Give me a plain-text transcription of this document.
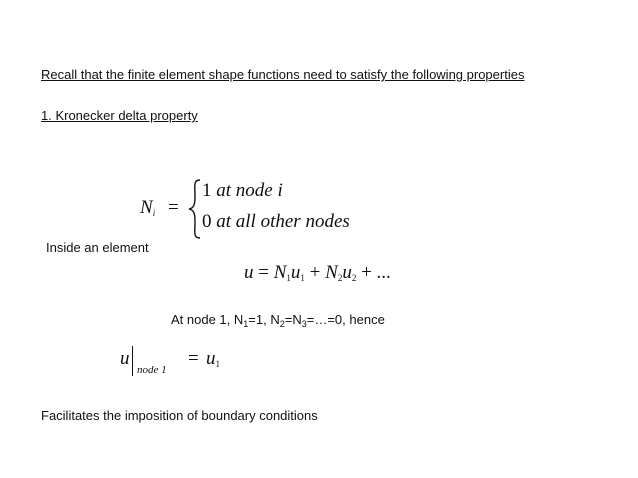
Recall that the finite element shape functions need to satisfy the following properties
1. Kronecker delta property
$N_i$ =
1 at node i
0 at all other nodes
Inside an element
$u = N_1u_1 + N_2u_2$ + ...
At node 1, $N_1=1$, $N_2=N_3=\dots=0$, hence
u
node 1
= $u_1$
Facilitates the imposition of boundary conditions
